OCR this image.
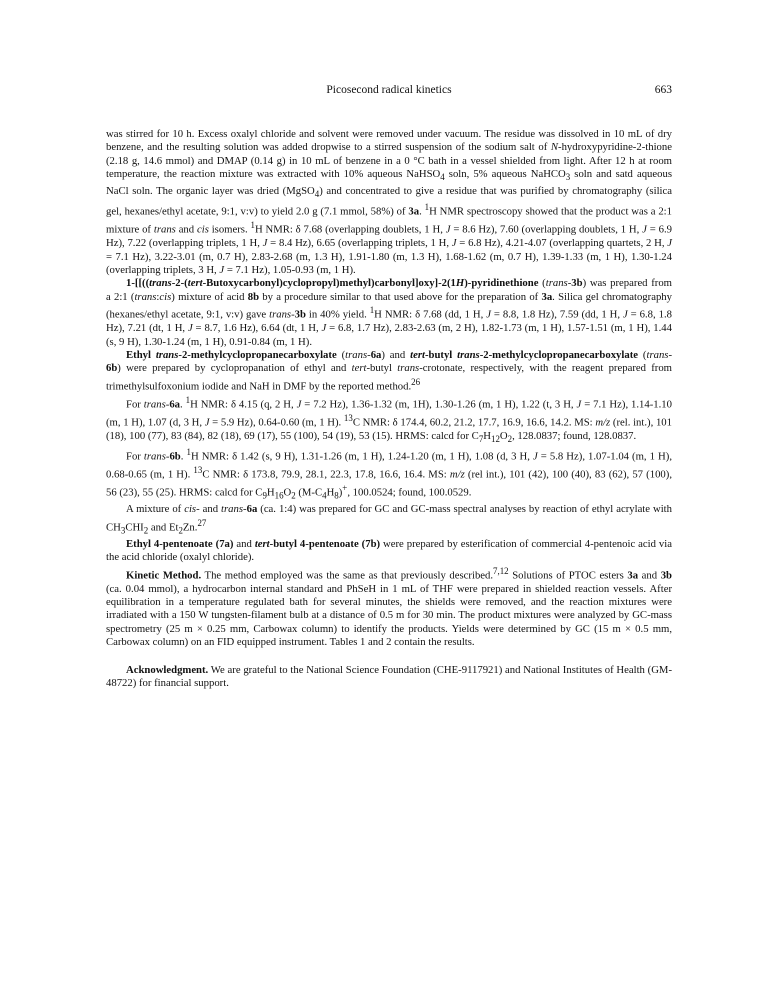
Picosecond radical kinetics	663

was stirred for 10 h. Excess oxalyl chloride and solvent were removed under vacuum. The residue was dissolved in 10 mL of dry benzene, and the resulting solution was added dropwise to a stirred suspension of the sodium salt of N-hydroxypyridine-2-thione (2.18 g, 14.6 mmol) and DMAP (0.14 g) in 10 mL of benzene in a 0 °C bath in a vessel shielded from light. After 12 h at room temperature, the reaction mixture was extracted with 10% aqueous NaHSO$_4$ soln, 5% aqueous NaHCO$_3$ soln and satd aqueous NaCl soln. The organic layer was dried (MgSO$_4$) and concentrated to give a residue that was purified by chromatography (silica gel, hexanes/ethyl acetate, 9:1, v:v) to yield 2.0 g (7.1 mmol, 58%) of 3a. $^1$H NMR spectroscopy showed that the product was a 2:1 mixture of trans and cis isomers. $^1$H NMR: δ 7.68 (overlapping doublets, 1 H, J = 8.6 Hz), 7.60 (overlapping doublets, 1 H, J = 6.9 Hz), 7.22 (overlapping triplets, 1 H, J = 8.4 Hz), 6.65 (overlapping triplets, 1 H, J = 6.8 Hz), 4.21-4.07 (overlapping quartets, 2 H, J = 7.1 Hz), 3.22-3.01 (m, 0.7 H), 2.83-2.68 (m, 1.3 H), 1.91-1.80 (m, 1.3 H), 1.68-1.62 (m, 0.7 H), 1.39-1.33 (m, 1 H), 1.30-1.24 (overlapping triplets, 3 H, J = 7.1 Hz), 1.05-0.93 (m, 1 H).

1-[[((trans-2-(tert-Butoxycarbonyl)cyclopropyl)methyl)carbonyl]oxy]-2(1H)-pyridinethione (trans-3b) was prepared from a 2:1 (trans:cis) mixture of acid 8b by a procedure similar to that used above for the preparation of 3a. Silica gel chromatography (hexanes/ethyl acetate, 9:1, v:v) gave trans-3b in 40% yield. $^1$H NMR: δ 7.68 (dd, 1 H, J = 8.8, 1.8 Hz), 7.59 (dd, 1 H, J = 6.8, 1.8 Hz), 7.21 (dt, 1 H, J = 8.7, 1.6 Hz), 6.64 (dt, 1 H, J = 6.8, 1.7 Hz), 2.83-2.63 (m, 2 H), 1.82-1.73 (m, 1 H), 1.57-1.51 (m, 1 H), 1.44 (s, 9 H), 1.30-1.24 (m, 1 H), 0.91-0.84 (m, 1 H).

Ethyl trans-2-methylcyclopropanecarboxylate (trans-6a) and tert-butyl trans-2-methylcyclopropanecarboxylate (trans-6b) were prepared by cyclopropanation of ethyl and tert-butyl trans-crotonate, respectively, with the reagent prepared from trimethylsulfoxonium iodide and NaH in DMF by the reported method.$^{26}$

For trans-6a. $^1$H NMR: δ 4.15 (q, 2 H, J = 7.2 Hz), 1.36-1.32 (m, 1H), 1.30-1.26 (m, 1 H), 1.22 (t, 3 H, J = 7.1 Hz), 1.14-1.10 (m, 1 H), 1.07 (d, 3 H, J = 5.9 Hz), 0.64-0.60 (m, 1 H). $^{13}$C NMR: δ 174.4, 60.2, 21.2, 17.7, 16.9, 16.6, 14.2. MS: m/z (rel. int.), 101 (18), 100 (77), 83 (84), 82 (18), 69 (17), 55 (100), 54 (19), 53 (15). HRMS: calcd for $C_7H_{12}O_2$, 128.0837; found, 128.0837.

For trans-6b. $^1$H NMR: δ 1.42 (s, 9 H), 1.31-1.26 (m, 1 H), 1.24-1.20 (m, 1 H), 1.08 (d, 3 H, J = 5.8 Hz), 1.07-1.04 (m, 1 H), 0.68-0.65 (m, 1 H). $^{13}$C NMR: δ 173.8, 79.9, 28.1, 22.3, 17.8, 16.6, 16.4. MS: m/z (rel int.), 101 (42), 100 (40), 83 (62), 57 (100), 56 (23), 55 (25). HRMS: calcd for $C_9H_{16}O_2$ $(M-C_4H_8)^+$, 100.0524; found, 100.0529.

A mixture of cis- and trans-6a (ca. 1:4) was prepared for GC and GC-mass spectral analyses by reaction of ethyl acrylate with $CH_3CHI_2$ and $Et_2Zn.^{27}$

Ethyl 4-pentenoate (7a) and tert-butyl 4-pentenoate (7b) were prepared by esterification of commercial 4-pentenoic acid via the acid chloride (oxalyl chloride).

Kinetic Method. The method employed was the same as that previously described.$^{7,12}$ Solutions of PTOC esters 3a and 3b (ca. 0.04 mmol), a hydrocarbon internal standard and PhSeH in 1 mL of THF were prepared in shielded reaction vessels. After equilibration in a temperature regulated bath for several minutes, the shields were removed, and the reaction mixtures were irradiated with a 150 W tungsten-filament bulb at a distance of 0.5 m for 30 min. The product mixtures were analyzed by GC-mass spectrometry (25 m × 0.25 mm, Carbowax column) to identify the products. Yields were determined by GC (15 m × 0.5 mm, Carbowax column) on an FID equipped instrument. Tables 1 and 2 contain the results.

Acknowledgment. We are grateful to the National Science Foundation (CHE-9117921) and National Institutes of Health (GM-48722) for financial support.
